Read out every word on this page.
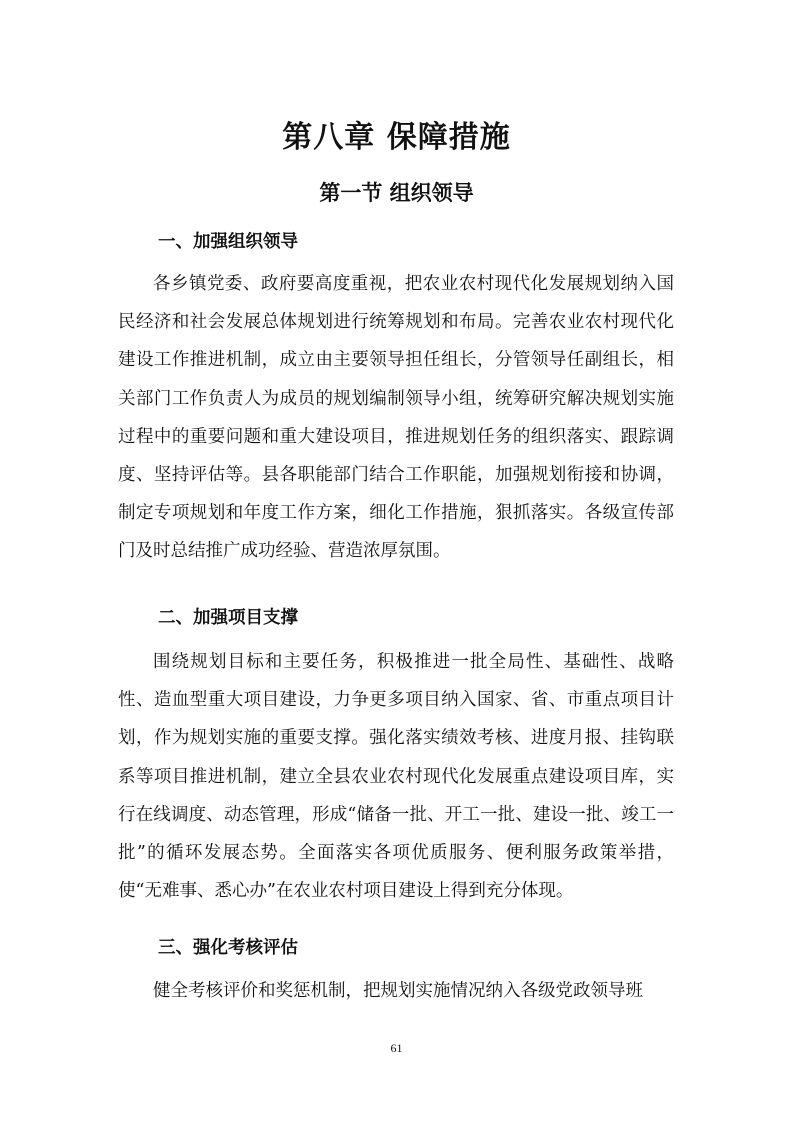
第八章 保障措施
第一节 组织领导
一、加强组织领导

各乡镇党委、政府要高度重视，把农业农村现代化发展规划纳入国民经济和社会发展总体规划进行统筹规划和布局。完善农业农村现代化建设工作推进机制，成立由主要领导担任组长，分管领导任副组长，相关部门工作负责人为成员的规划编制领导小组，统筹研究解决规划实施过程中的重要问题和重大建设项目，推进规划任务的组织落实、跟踪调度、坚持评估等。县各职能部门结合工作职能，加强规划衔接和协调，制定专项规划和年度工作方案，细化工作措施，狠抓落实。各级宣传部门及时总结推广成功经验、营造浓厚氛围。

二、加强项目支撑

围绕规划目标和主要任务，积极推进一批全局性、基础性、战略性、造血型重大项目建设，力争更多项目纳入国家、省、市重点项目计划，作为规划实施的重要支撑。强化落实绩效考核、进度月报、挂钩联系等项目推进机制，建立全县农业农村现代化发展重点建设项目库，实行在线调度、动态管理，形成“储备一批、开工一批、建设一批、竣工一批”的循环发展态势。全面落实各项优质服务、便利服务政策举措，使“无难事、悉心办”在农业农村项目建设上得到充分体现。

三、强化考核评估

健全考核评价和奖惩机制，把规划实施情况纳入各级党政领导班

61
